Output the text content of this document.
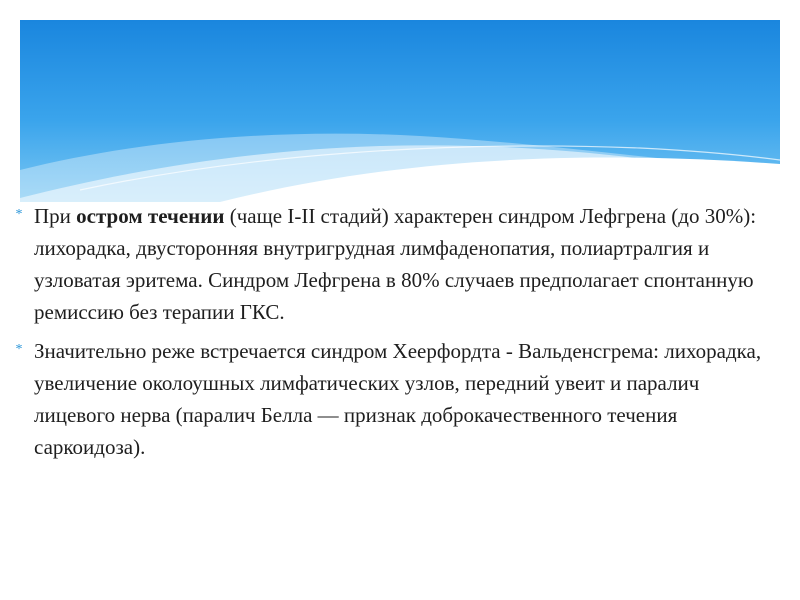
* При остром течении (чаще I-II стадий) характерен синдром Лефгрена (до 30%): лихорадка, двусторонняя внутригрудная лимфаденопатия, полиартралгия и узловатая эритема. Синдром Лефгрена в 80% случаев предполагает спонтанную ремиссию без терапии ГКС.

* Значительно реже встречается синдром Хеерфордта - Вальденсгрема: лихорадка, увеличение околоушных лимфатических узлов, передний увеит и паралич лицевого нерва (паралич Белла — признак доброкачественного течения саркоидоза).
